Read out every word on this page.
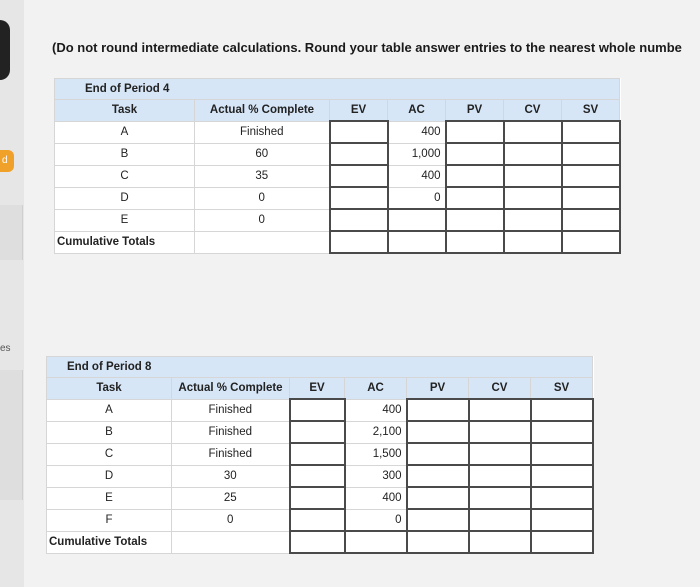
d
es
(Do not round intermediate calculations. Round your table answer entries to the nearest whole numbe
End of Period 4						
Task	Actual % Complete	EV	AC	PV	CV	SV
A	Finished		400			
B	60		1,000			
C	35		400			
D	0		0			
E	0					
Cumulative Totals						
End of Period 8						
Task	Actual % Complete	EV	AC	PV	CV	SV
A	Finished		400			
B	Finished		2,100			
C	Finished		1,500			
D	30		300			
E	25		400			
F	0		0			
Cumulative Totals						
